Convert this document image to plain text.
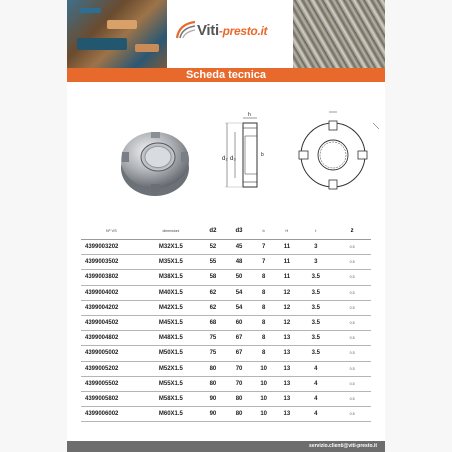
Viti-presto.it
Scheda tecnica
d₂ d₃
h
b
Nº VS	dimensioni	d2	d3	b	H	t	z
4399003202	M32X1.5	52	45	7	11	3	0.5
4399003502	M35X1.5	55	48	7	11	3	0.5
4399003802	M38X1.5	58	50	8	11	3.5	0.5
4399004002	M40X1.5	62	54	8	12	3.5	0.5
4399004202	M42X1.5	62	54	8	12	3.5	0.5
4399004502	M45X1.5	68	60	8	12	3.5	0.5
4399004802	M48X1.5	75	67	8	13	3.5	0.5
4399005002	M50X1.5	75	67	8	13	3.5	0.5
4399005202	M52X1.5	80	70	10	13	4	0.5
4399005502	M55X1.5	80	70	10	13	4	0.5
4399005802	M58X1.5	90	80	10	13	4	0.5
4399006002	M60X1.5	90	80	10	13	4	0.5
servizio.clienti@viti-presto.it
